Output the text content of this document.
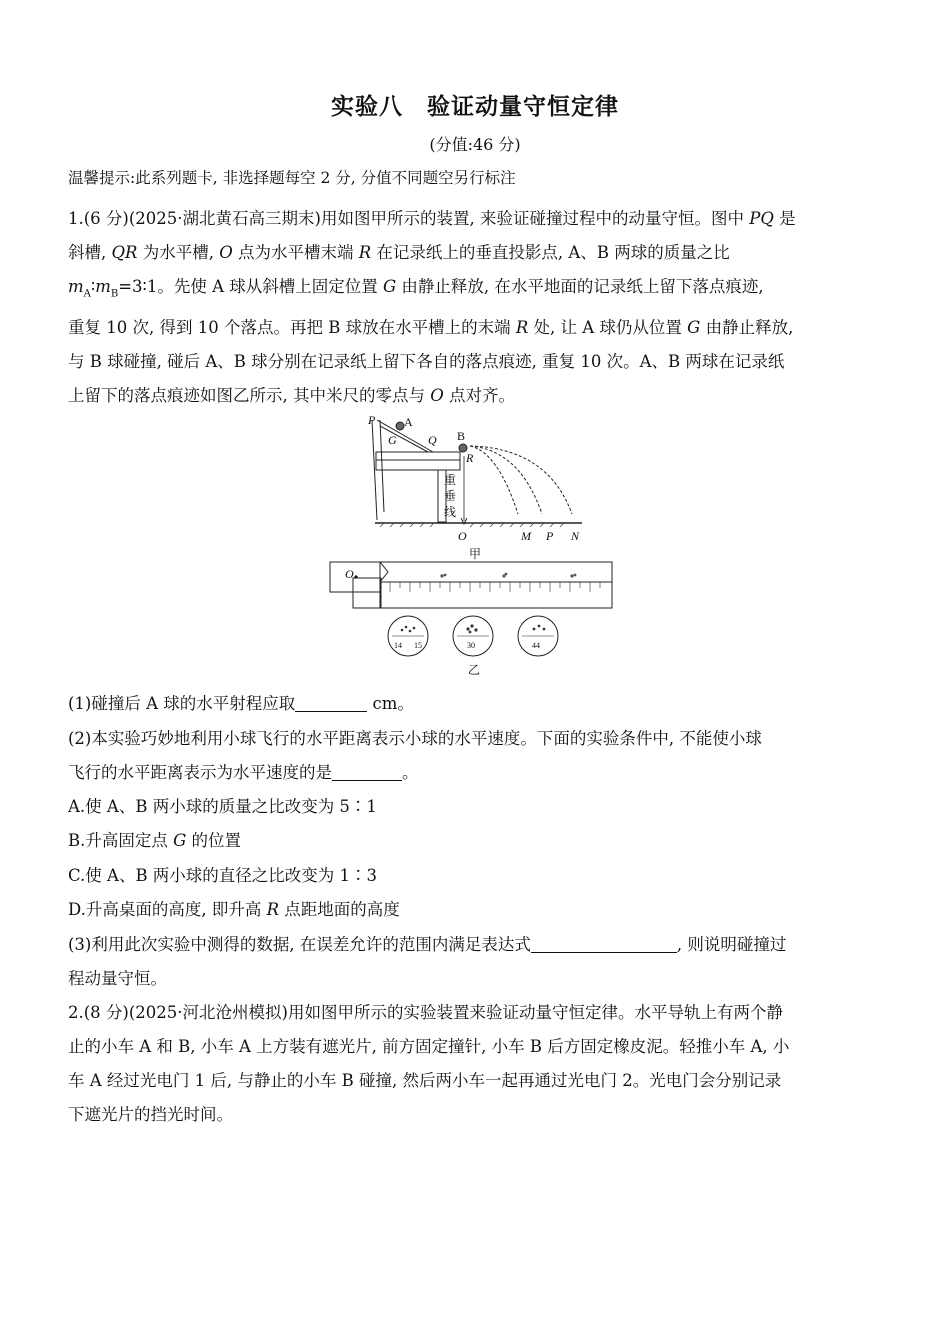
实验八　验证动量守恒定律
(分值:46 分)
温馨提示:此系列题卡, 非选择题每空 2 分, 分值不同题空另行标注
1.(6 分)(2025·湖北黄石高三期末)用如图甲所示的装置, 来验证碰撞过程中的动量守恒。图中 PQ 是
斜槽, QR 为水平槽, O 点为水平槽末端 R 在记录纸上的垂直投影点, A、B 两球的质量之比
$m_A∶m_B=3∶1$。先使 A 球从斜槽上固定位置 G 由静止释放, 在水平地面的记录纸上留下落点痕迹,
重复 10 次, 得到 10 个落点。再把 B 球放在水平槽上的末端 R 处, 让 A 球仍从位置 G 由静止释放,
与 B 球碰撞, 碰后 A、B 球分别在记录纸上留下各自的落点痕迹, 重复 10 次。A、B 两球在记录纸
上留下的落点痕迹如图乙所示, 其中米尺的零点与 O 点对齐。
P A
G	Q B
R
重
垂
线
O	M P N
甲
O
14 15	30	44
乙
(1)碰撞后 A 球的水平射程应取	cm。
(2)本实验巧妙地利用小球飞行的水平距离表示小球的水平速度。下面的实验条件中, 不能使小球
飞行的水平距离表示为水平速度的是	。
A.使 A、B 两小球的质量之比改变为 5∶1
B.升高固定点 G 的位置
C.使 A、B 两小球的直径之比改变为 1∶3
D.升高桌面的高度, 即升高 R 点距地面的高度
(3)利用此次实验中测得的数据, 在误差允许的范围内满足表达式	, 则说明碰撞过
程动量守恒。
2.(8 分)(2025·河北沧州模拟)用如图甲所示的实验装置来验证动量守恒定律。水平导轨上有两个静
止的小车 A 和 B, 小车 A 上方装有遮光片, 前方固定撞针, 小车 B 后方固定橡皮泥。轻推小车 A, 小
车 A 经过光电门 1 后, 与静止的小车 B 碰撞, 然后两小车一起再通过光电门 2。光电门会分别记录
下遮光片的挡光时间。
